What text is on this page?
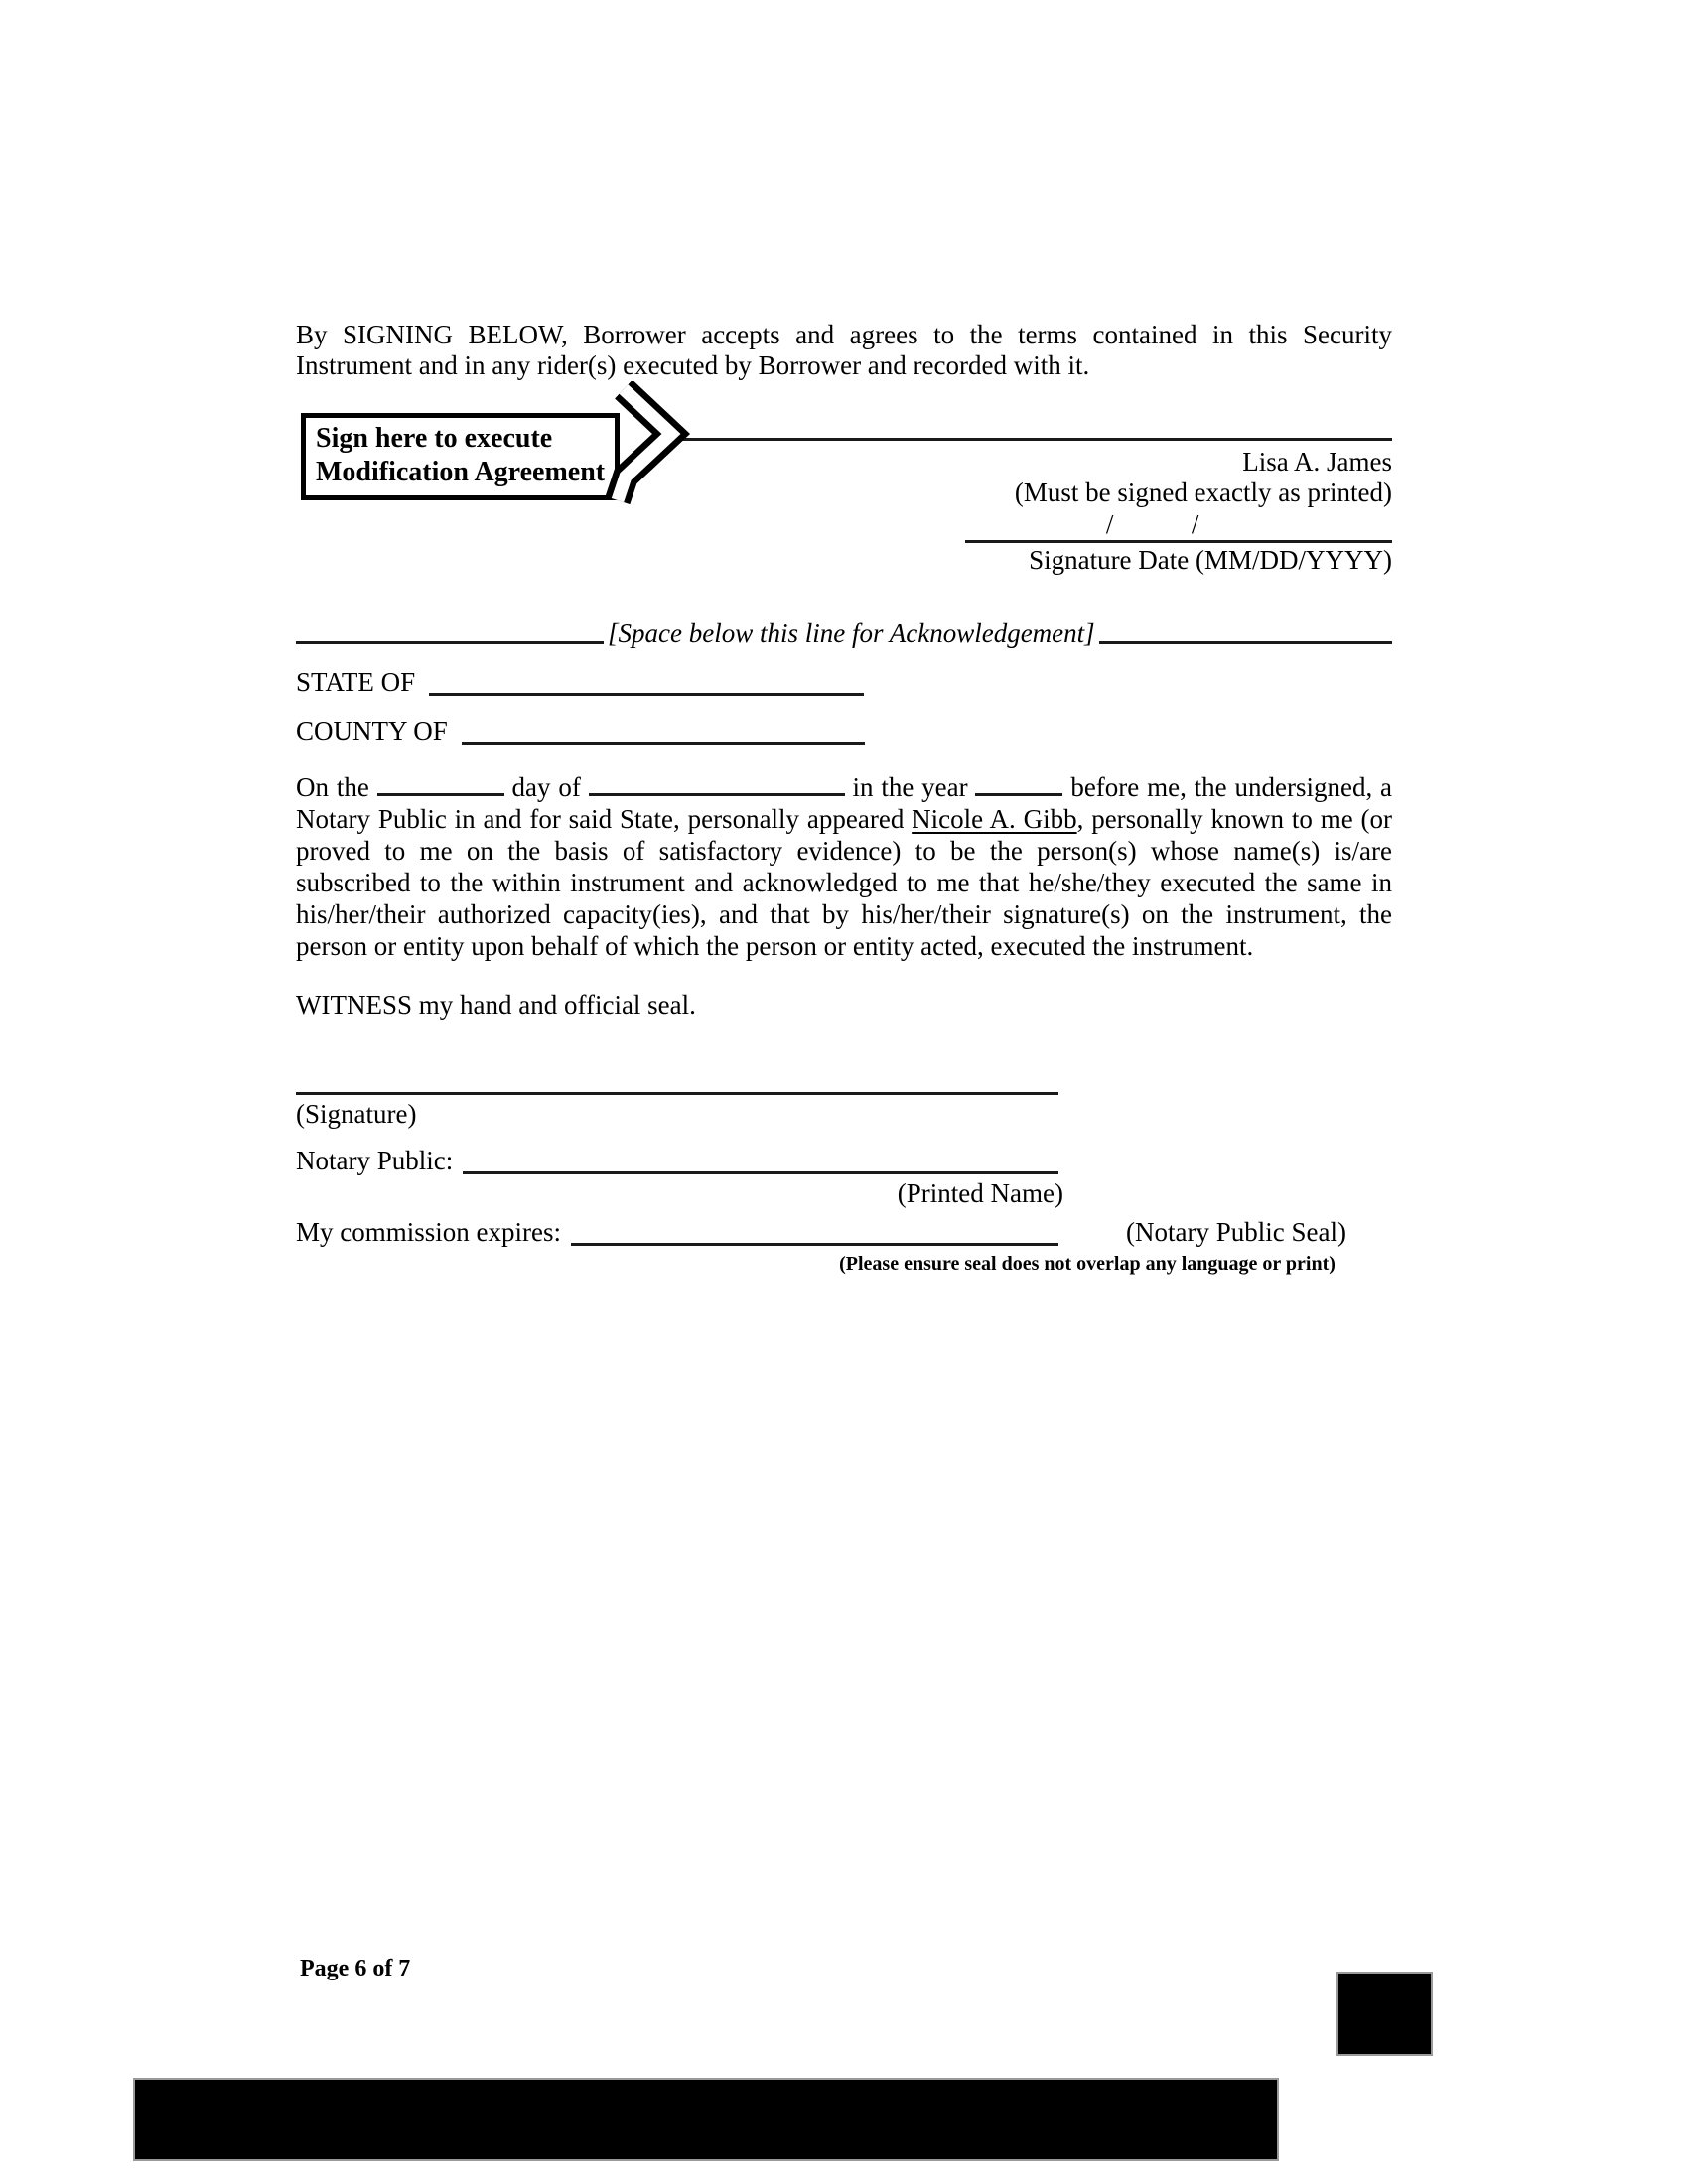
By SIGNING BELOW, Borrower accepts and agrees to the terms contained in this Security Instrument and in any rider(s) executed by Borrower and recorded with it.

Sign here to execute
Modification Agreement	Lisa A. James
(Must be signed exactly as printed)
/	/
Signature Date (MM/DD/YYYY)
[Space below this line for Acknowledgement]
STATE OF
COUNTY OF

On the	day of	in the year	before me, the undersigned, a Notary Public in and for said State, personally appeared Nicole A. Gibb, personally known to me (or proved to me on the basis of satisfactory evidence) to be the person(s) whose name(s) is/are subscribed to the within instrument and acknowledged to me that he/she/they executed the same in his/her/their authorized capacity(ies), and that by his/her/their signature(s) on the instrument, the person or entity upon behalf of which the person or entity acted, executed the instrument.

WITNESS my hand and official seal.

(Signature)
Notary Public:
(Printed Name)
My commission expires:	(Notary Public Seal)
(Please ensure seal does not overlap any language or print)
Page 6 of 7
